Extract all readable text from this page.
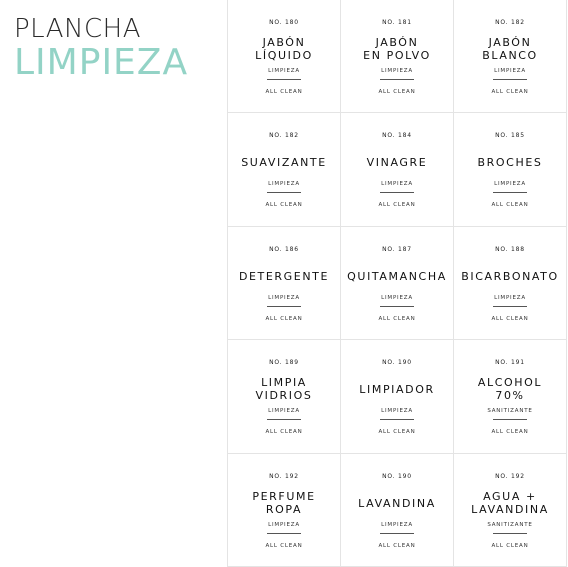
PLANCHA
LIMPIEZA
NO. 180
JABÓN
LÍQUIDO
LIMPIEZA
ALL CLEAN
NO. 181
JABÓN
EN POLVO
LIMPIEZA
ALL CLEAN
NO. 182
JABÓN
BLANCO
LIMPIEZA
ALL CLEAN
NO. 182
SUAVIZANTE
LIMPIEZA
ALL CLEAN
NO. 184
VINAGRE
LIMPIEZA
ALL CLEAN
NO. 185
BROCHES
LIMPIEZA
ALL CLEAN
NO. 186
DETERGENTE
LIMPIEZA
ALL CLEAN
NO. 187
QUITAMANCHA
LIMPIEZA
ALL CLEAN
NO. 188
BICARBONATO
LIMPIEZA
ALL CLEAN
NO. 189
LIMPIA
VIDRIOS
LIMPIEZA
ALL CLEAN
NO. 190
LIMPIADOR
LIMPIEZA
ALL CLEAN
NO. 191
ALCOHOL
70%
SANITIZANTE
ALL CLEAN
NO. 192
PERFUME
ROPA
LIMPIEZA
ALL CLEAN
NO. 190
LAVANDINA
LIMPIEZA
ALL CLEAN
NO. 192
AGUA +
LAVANDINA
SANITIZANTE
ALL CLEAN
